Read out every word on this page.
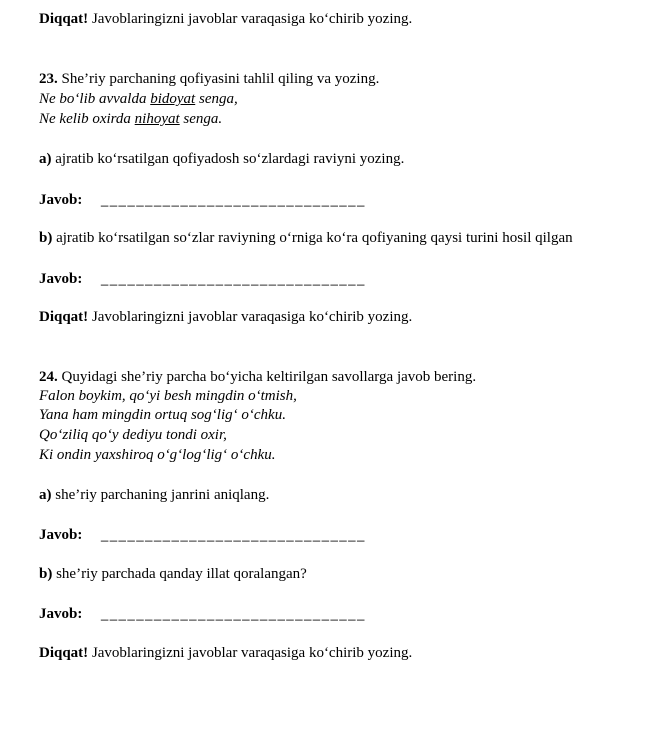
Diqqat! Javoblaringizni javoblar varaqasiga ko‘chirib yozing.
23. She’riy parchaning qofiyasini tahlil qiling va yozing.
Ne bo‘lib avvalda bidoyat senga,
Ne kelib oxirda nihoyat senga.
a) ajratib ko‘rsatilgan qofiyadosh so‘zlardagi raviyni yozing.
Javob:	______________________________
b) ajratib ko‘rsatilgan so‘zlar raviyning o‘rniga ko‘ra qofiyaning qaysi turini hosil qilgan
Javob:	______________________________
Diqqat! Javoblaringizni javoblar varaqasiga ko‘chirib yozing.
24. Quyidagi she’riy parcha bo‘yicha keltirilgan savollarga javob bering.
Falon boykim, qo‘yi besh mingdin o‘tmish,
Yana ham mingdin ortuq sog‘lig‘ o‘chku.
Qo‘ziliq qo‘y dediyu tondi oxir,
Ki ondin yaxshiroq o‘g‘log‘lig‘ o‘chku.
a) she’riy parchaning janrini aniqlang.
Javob:	______________________________
b) she’riy parchada qanday illat qoralangan?
Javob:	______________________________
Diqqat! Javoblaringizni javoblar varaqasiga ko‘chirib yozing.
